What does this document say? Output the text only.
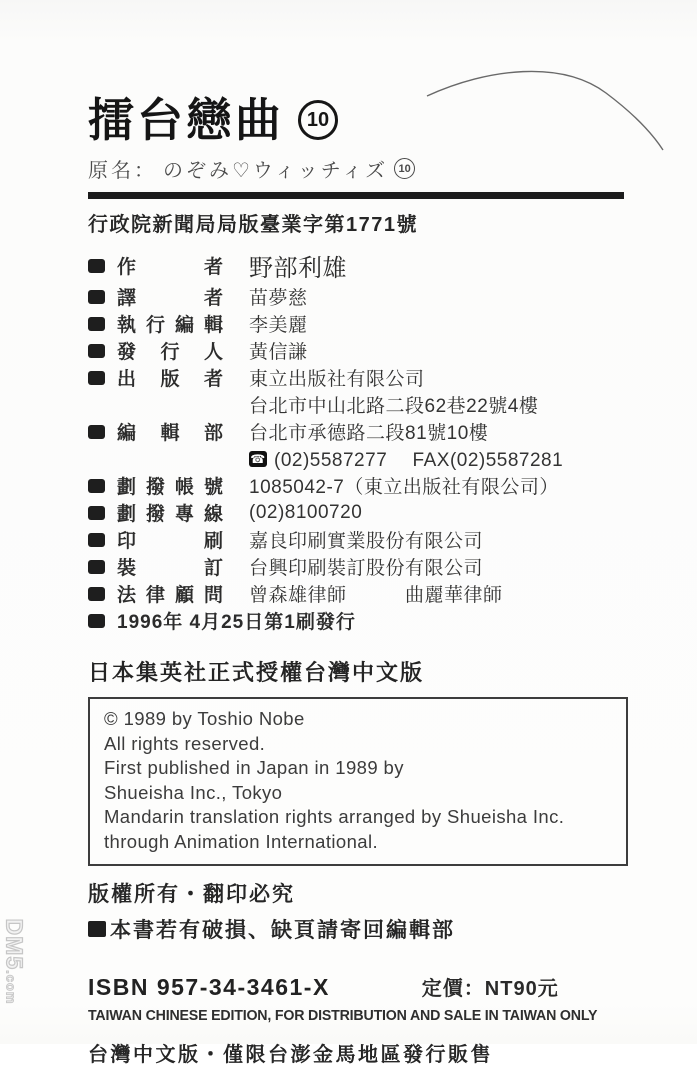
擂台戀曲	10
原名： のぞみ♡ウィッチィズ 10
行政院新聞局局版臺業字第1771號
作者 野部利雄
譯者 苗夢慈
執行編輯 李美麗
發行人 黃信謙
出版者 東立出版社有限公司
台北市中山北路二段62巷22號4樓
編輯部 台北市承德路二段81號10樓
☎ (02)5587277　 FAX(02)5587281
劃撥帳號 1085042-7（東立出版社有限公司）
劃撥專線 (02)8100720
印刷 嘉良印刷實業股份有限公司
裝訂 台興印刷裝訂股份有限公司
法律顧問 曾森雄律師　　　曲麗華律師
1996年 4月25日第1刷發行
日本集英社正式授權台灣中文版
© 1989 by Toshio Nobe
All rights reserved.
First published in Japan in 1989 by
Shueisha Inc., Tokyo
Mandarin translation rights arranged by Shueisha Inc.
through Animation International.
版權所有・翻印必究
本書若有破損、缺頁請寄回編輯部
ISBN 957-34-3461-X	定價：NT90元
TAIWAN CHINESE EDITION, FOR DISTRIBUTION AND SALE IN TAIWAN ONLY
台灣中文版・僅限台澎金馬地區發行販售
DM5.com
